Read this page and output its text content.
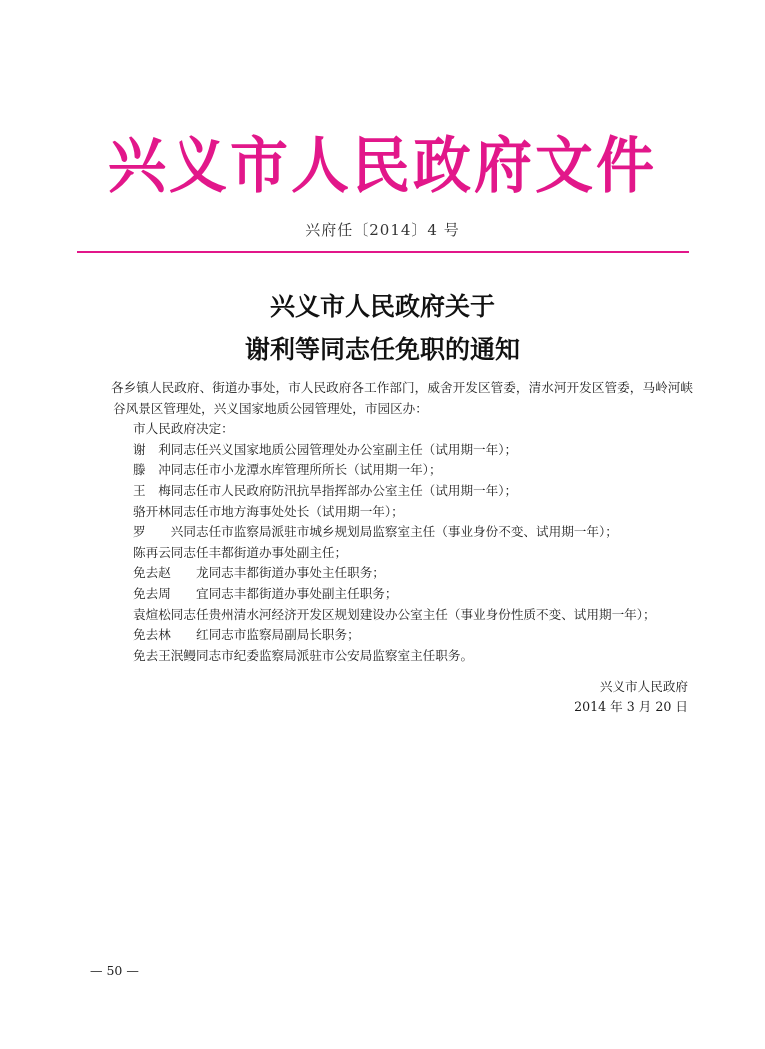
兴义市人民政府文件
兴府任〔2014〕4 号
兴义市人民政府关于
谢利等同志任免职的通知
各乡镇人民政府、街道办事处，市人民政府各工作部门，威舍开发区管委，清水河开发区管委，马岭河峡谷风景区管理处，兴义国家地质公园管理处，市园区办：
市人民政府决定：
谢　利同志任兴义国家地质公园管理处办公室副主任（试用期一年）；
滕　冲同志任市小龙潭水库管理所所长（试用期一年）；
王　梅同志任市人民政府防汛抗旱指挥部办公室主任（试用期一年）；
骆开林同志任市地方海事处处长（试用期一年）；
罗　　兴同志任市监察局派驻市城乡规划局监察室主任（事业身份不变、试用期一年）；
陈再云同志任丰都街道办事处副主任；
免去赵　　龙同志丰都街道办事处主任职务；
免去周　　宜同志丰都街道办事处副主任职务；
袁煊松同志任贵州清水河经济开发区规划建设办公室主任（事业身份性质不变、试用期一年）；
免去林　　红同志市监察局副局长职务；
免去王泯鳗同志市纪委监察局派驻市公安局监察室主任职务。
兴义市人民政府
2014 年 3 月 20 日
— 50 —
